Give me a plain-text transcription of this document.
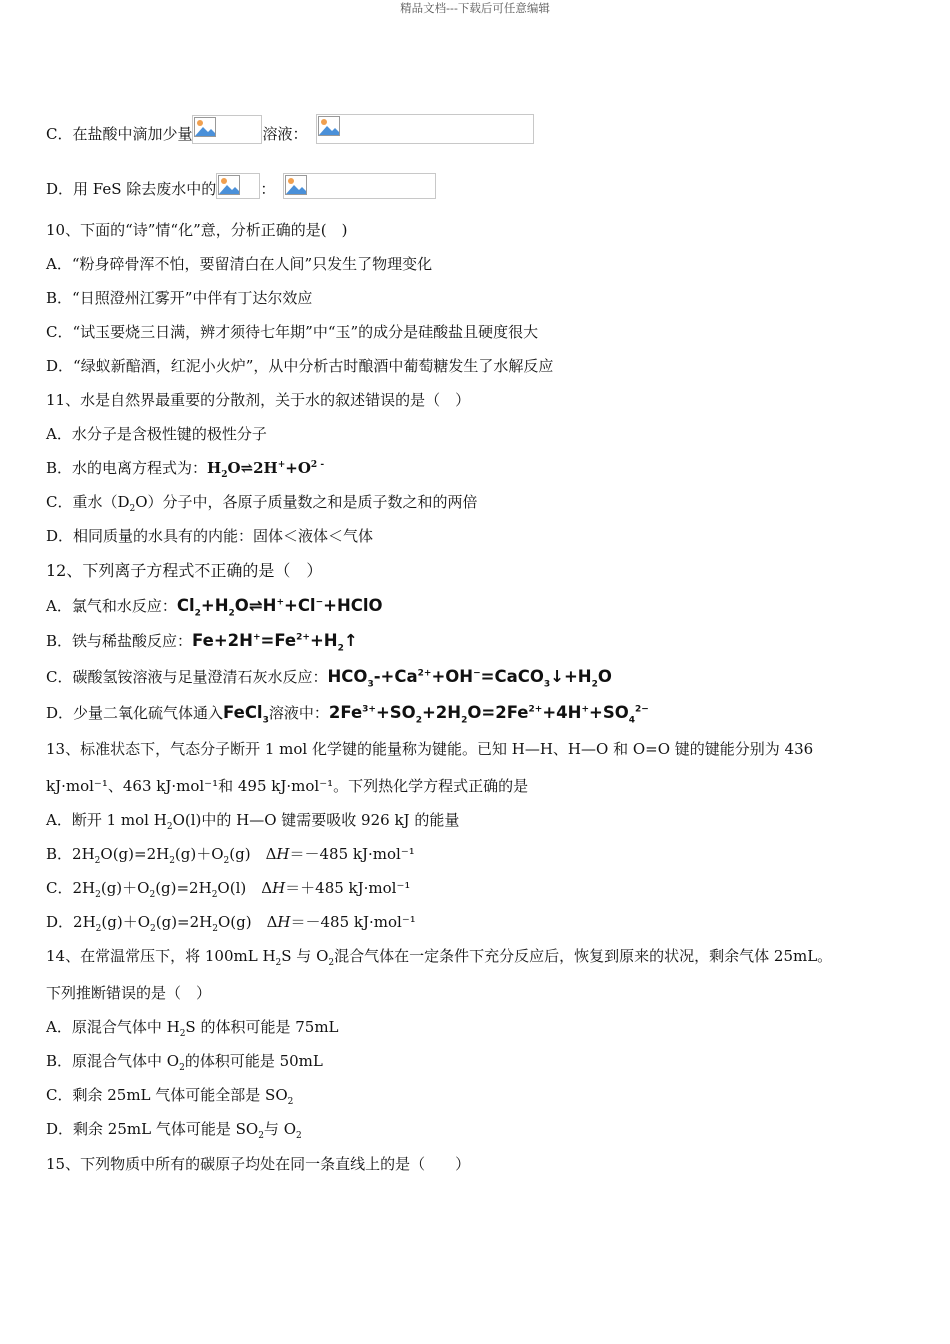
精品文档---下载后可任意编辑
C．在盐酸中滴加少量	溶液：
D．用 FeS 除去废水中的	：
10、下面的“诗”情“化”意，分析正确的是(　)
A．“粉身碎骨浑不怕，要留清白在人间”只发生了物理变化
B．“日照澄州江雾开”中伴有丁达尔效应
C．“试玉要烧三日满，辨才须待七年期”中“玉”的成分是硅酸盐且硬度很大
D．“绿蚁新醅酒，红泥小火炉”，从中分析古时酿酒中葡萄糖发生了水解反应
11、水是自然界最重要的分散剂，关于水的叙述错误的是（　）
A．水分子是含极性键的极性分子
B．水的电离方程式为：$H_2O\rightleftharpoons 2H^++O^{2 -}$
C．重水$(D_2O)$分子中，各原子质量数之和是质子数之和的两倍
D．相同质量的水具有的内能：固体＜液体＜气体
12、下列离子方程式不正确的是（　）
A．氯气和水反应：$Cl_2+H_2O\rightleftharpoons H^++Cl^-+HClO$
B．铁与稀盐酸反应：$Fe+2H^+=Fe^{2+}+H_2↑$
C．碳酸氢铵溶液与足量澄清石灰水反应：$HCO_3-+Ca^{2+}+OH^-=CaCO_3↓+H_2O$
D．少量二氧化硫气体通入FeCl$_3$溶液中：$2Fe^{3+}+SO_2+2H_2O=2Fe^{2+}+4H^++SO_4^{2-}$
13、标准状态下，气态分子断开 1 mol 化学键的能量称为键能。已知 H—H、H—O 和 O=O 键的键能分别为 436
kJ·mol⁻¹、463 kJ·mol⁻¹和 495 kJ·mol⁻¹。下列热化学方程式正确的是
A．断开 1 mol $H_2O(l)$中的 H—O 键需要吸收 926 kJ 的能量
B．$2H_2O(g)=2H_2(g)+O_2(g)$　ΔH＝－485 kJ·mol⁻¹
C．$2H_2(g)+O_2(g)=2H_2O(l)$　ΔH＝＋485 kJ·mol⁻¹
D．$2H_2(g)+O_2(g)=2H_2O(g)$　ΔH＝－485 kJ·mol⁻¹
14、在常温常压下，将 100mL $H_2S$ 与 $O_2$混合气体在一定条件下充分反应后，恢复到原来的状况，剩余气体 25mL。
下列推断错误的是（　）
A．原混合气体中 $H_2S$ 的体积可能是 75mL
B．原混合气体中 $O_2$的体积可能是 50mL
C．剩余 25mL 气体可能全部是 $SO_2$
D．剩余 25mL 气体可能是 $SO_2$与 $O_2$
15、下列物质中所有的碳原子均处在同一条直线上的是（　　）
